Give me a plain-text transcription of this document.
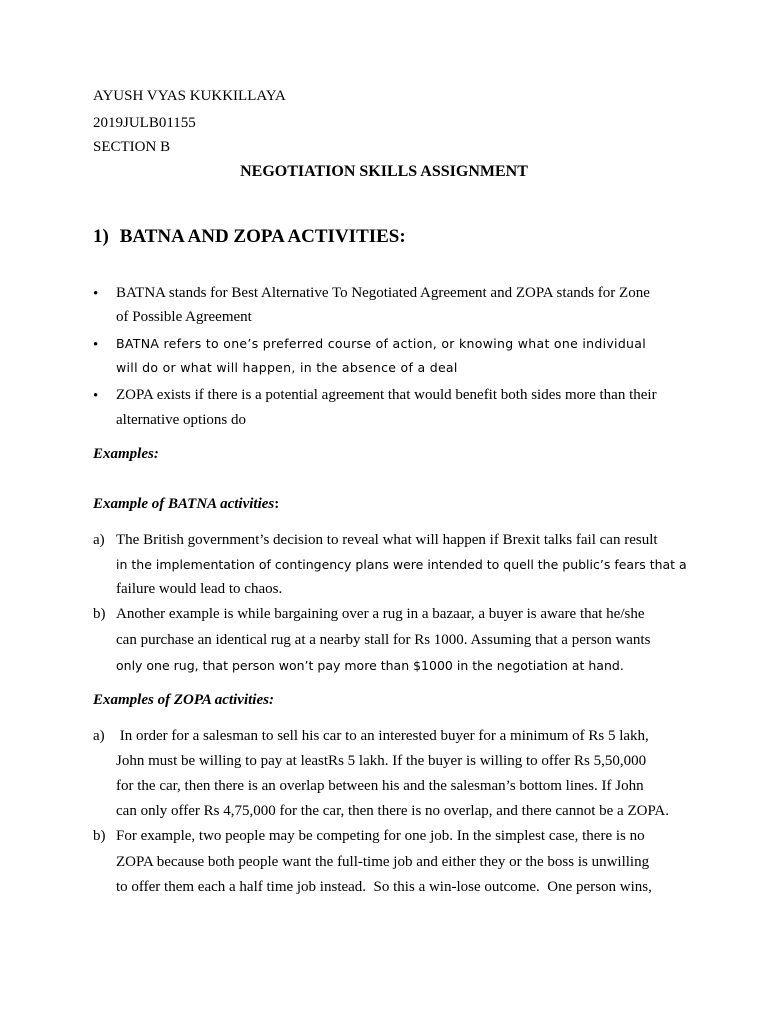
AYUSH VYAS KUKKILLAYA
2019JULB01155
SECTION B
NEGOTIATION SKILLS ASSIGNMENT
1) BATNA AND ZOPA ACTIVITIES:
• BATNA stands for Best Alternative To Negotiated Agreement and ZOPA stands for Zone
of Possible Agreement
• BATNA refers to one’s preferred course of action, or knowing what one individual
will do or what will happen, in the absence of a deal
• ZOPA exists if there is a potential agreement that would benefit both sides more than their
alternative options do
Examples:
Example of BATNA activities:
a) The British government’s decision to reveal what will happen if Brexit talks fail can result
in the implementation of contingency plans were intended to quell the public’s fears that a
failure would lead to chaos.
b) Another example is while bargaining over a rug in a bazaar, a buyer is aware that he/she
can purchase an identical rug at a nearby stall for Rs 1000. Assuming that a person wants
only one rug, that person won’t pay more than $1000 in the negotiation at hand.
Examples of ZOPA activities:
a) In order for a salesman to sell his car to an interested buyer for a minimum of Rs 5 lakh,
John must be willing to pay at leastRs 5 lakh. If the buyer is willing to offer Rs 5,50,000
for the car, then there is an overlap between his and the salesman’s bottom lines. If John
can only offer Rs 4,75,000 for the car, then there is no overlap, and there cannot be a ZOPA.
b) For example, two people may be competing for one job. In the simplest case, there is no
ZOPA because both people want the full-time job and either they or the boss is unwilling
to offer them each a half time job instead.  So this a win-lose outcome.  One person wins,
